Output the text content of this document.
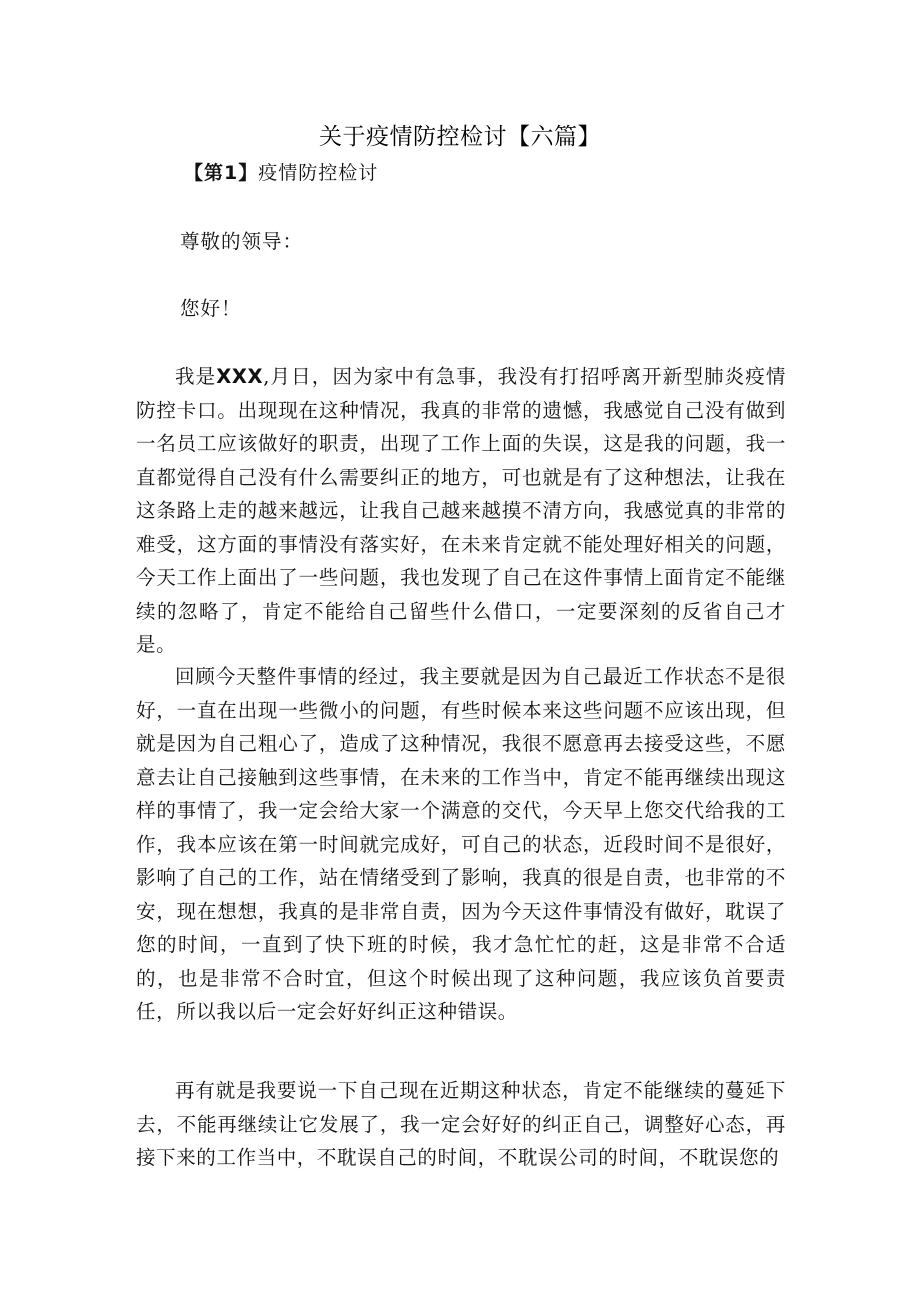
关于疫情防控检讨【六篇】

【第1】疫情防控检讨

尊敬的领导：

您好！

我是XXX,月日，因为家中有急事，我没有打招呼离开新型肺炎疫情防控卡口。出现现在这种情况，我真的非常的遗憾，我感觉自己没有做到一名员工应该做好的职责，出现了工作上面的失误，这是我的问题，我一直都觉得自己没有什么需要纠正的地方，可也就是有了这种想法，让我在这条路上走的越来越远，让我自己越来越摸不清方向，我感觉真的非常的难受，这方面的事情没有落实好，在未来肯定就不能处理好相关的问题，今天工作上面出了一些问题，我也发现了自己在这件事情上面肯定不能继续的忽略了，肯定不能给自己留些什么借口，一定要深刻的反省自己才是。

回顾今天整件事情的经过，我主要就是因为自己最近工作状态不是很好，一直在出现一些微小的问题，有些时候本来这些问题不应该出现，但就是因为自己粗心了，造成了这种情况，我很不愿意再去接受这些，不愿意去让自己接触到这些事情，在未来的工作当中，肯定不能再继续出现这样的事情了，我一定会给大家一个满意的交代，今天早上您交代给我的工作，我本应该在第一时间就完成好，可自己的状态，近段时间不是很好，影响了自己的工作，站在情绪受到了影响，我真的很是自责，也非常的不安，现在想想，我真的是非常自责，因为今天这件事情没有做好，耽误了您的时间，一直到了快下班的时候，我才急忙忙的赶，这是非常不合适的，也是非常不合时宜，但这个时候出现了这种问题，我应该负首要责任，所以我以后一定会好好纠正这种错误。

再有就是我要说一下自己现在近期这种状态，肯定不能继续的蔓延下去，不能再继续让它发展了，我一定会好好的纠正自己，调整好心态，再接下来的工作当中，不耽误自己的时间，不耽误公司的时间，不耽误您的
